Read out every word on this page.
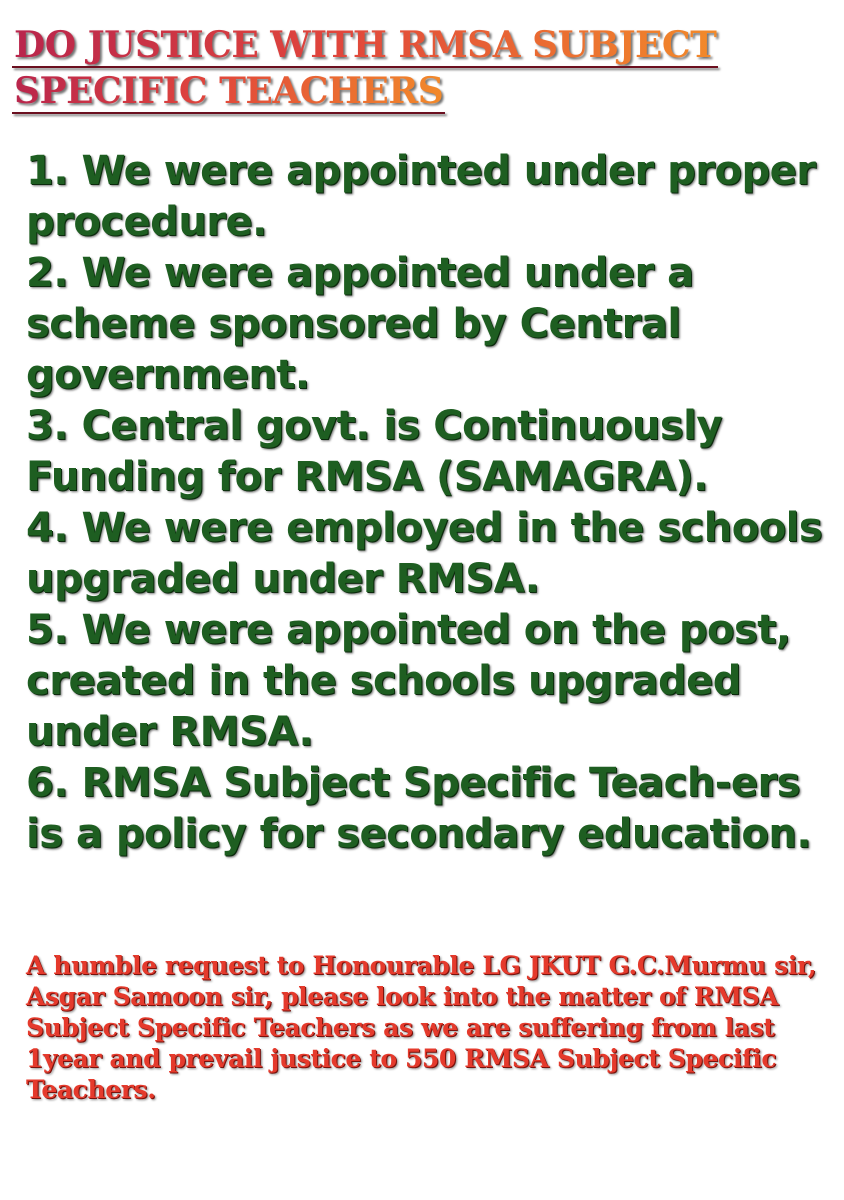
DO JUSTICE WITH RMSA SUBJECT
SPECIFIC TEACHERS
1. We were appointed under proper procedure.
2. We were appointed under a scheme sponsored by Central government.
3. Central govt. is Continuously Funding for RMSA (SAMAGRA).
4. We were employed in the schools upgraded under RMSA.
5. We were appointed on the post, created in the schools upgraded under RMSA.
6. RMSA Subject Specific Teach-ers is a policy for secondary education.

A humble request to Honourable LG JKUT G.C.Murmu sir, Asgar Samoon sir, please look into the matter of RMSA Subject Specific Teachers as we are suffering from last 1year and prevail justice to 550 RMSA Subject Specific Teachers.
